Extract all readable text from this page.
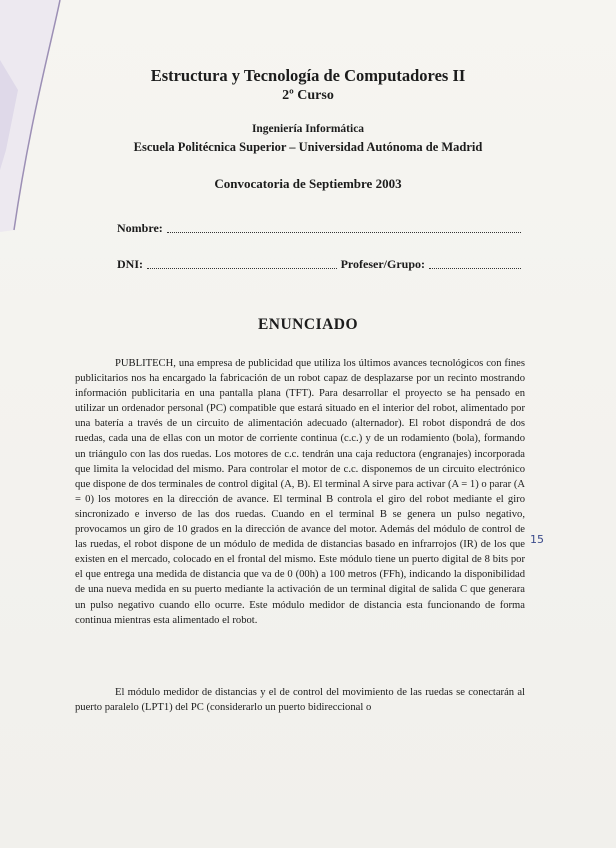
Estructura y Tecnología de Computadores II
2º Curso
Ingeniería Informática
Escuela Politécnica Superior – Universidad Autónoma de Madrid
Convocatoria de Septiembre 2003
Nombre:
DNI:	Profeser/Grupo:
ENUNCIADO

PUBLITECH, una empresa de publicidad que utiliza los últimos avances tecnológicos con fines publicitarios nos ha encargado la fabricación de un robot capaz de desplazarse por un recinto mostrando información publicitaria en una pantalla plana (TFT). Para desarrollar el proyecto se ha pensado en utilizar un ordenador personal (PC) compatible que estará situado en el interior del robot, alimentado por una batería a través de un circuito de alimentación adecuado (alternador). El robot dispondrá de dos ruedas, cada una de ellas con un motor de corriente continua (c.c.) y de un rodamiento (bola), formando un triángulo con las dos ruedas. Los motores de c.c. tendrán una caja reductora (engranajes) incorporada que limita la velocidad del mismo. Para controlar el motor de c.c. disponemos de un circuito electrónico que dispone de dos terminales de control digital (A, B). El terminal A sirve para activar (A = 1) o parar (A = 0) los motores en la dirección de avance. El terminal B controla el giro del robot mediante el giro sincronizado e inverso de las dos ruedas. Cuando en el terminal B se genera un pulso negativo, provocamos un giro de 10 grados en la dirección de avance del motor. Además del módulo de control de las ruedas, el robot dispone de un módulo de medida de distancias basado en infrarrojos (IR) de los que existen en el mercado, colocado en el frontal del mismo. Este módulo tiene un puerto digital de 8 bits por el que entrega una medida de distancia que va de 0 (00h) a 100 metros (FFh), indicando la disponibilidad de una nueva medida en su puerto mediante la activación de un terminal digital de salida C que generara un pulso negativo cuando ello ocurre. Este módulo medidor de distancia esta funcionando de forma continua mientras esta alimentado el robot.

15

El módulo medidor de distancias y el de control del movimiento de las ruedas se conectarán al puerto paralelo (LPT1) del PC (considerarlo un puerto bidireccional o
